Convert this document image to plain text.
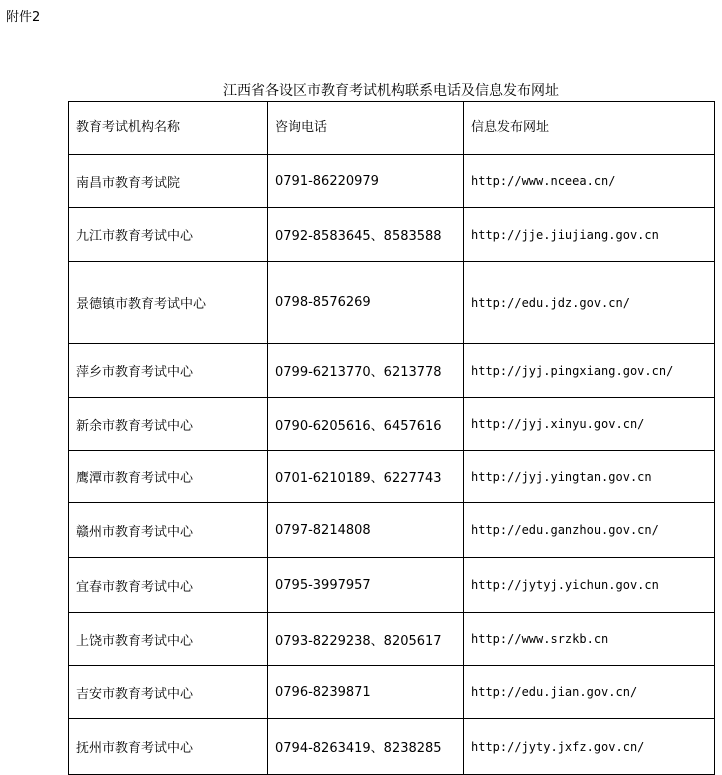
附件2
江西省各设区市教育考试机构联系电话及信息发布网址
教育考试机构名称	咨询电话	信息发布网址
南昌市教育考试院	0791-86220979	http://www.nceea.cn/
九江市教育考试中心	0792-8583645、8583588	http://jje.jiujiang.gov.cn
景德镇市教育考试中心	0798-8576269	http://edu.jdz.gov.cn/
萍乡市教育考试中心	0799-6213770、6213778	http://jyj.pingxiang.gov.cn/
新余市教育考试中心	0790-6205616、6457616	http://jyj.xinyu.gov.cn/
鹰潭市教育考试中心	0701-6210189、6227743	http://jyj.yingtan.gov.cn
赣州市教育考试中心	0797-8214808	http://edu.ganzhou.gov.cn/
宜春市教育考试中心	0795-3997957	http://jytyj.yichun.gov.cn
上饶市教育考试中心	0793-8229238、8205617	http://www.srzkb.cn
吉安市教育考试中心	0796-8239871	http://edu.jian.gov.cn/
抚州市教育考试中心	0794-8263419、8238285	http://jyty.jxfz.gov.cn/
